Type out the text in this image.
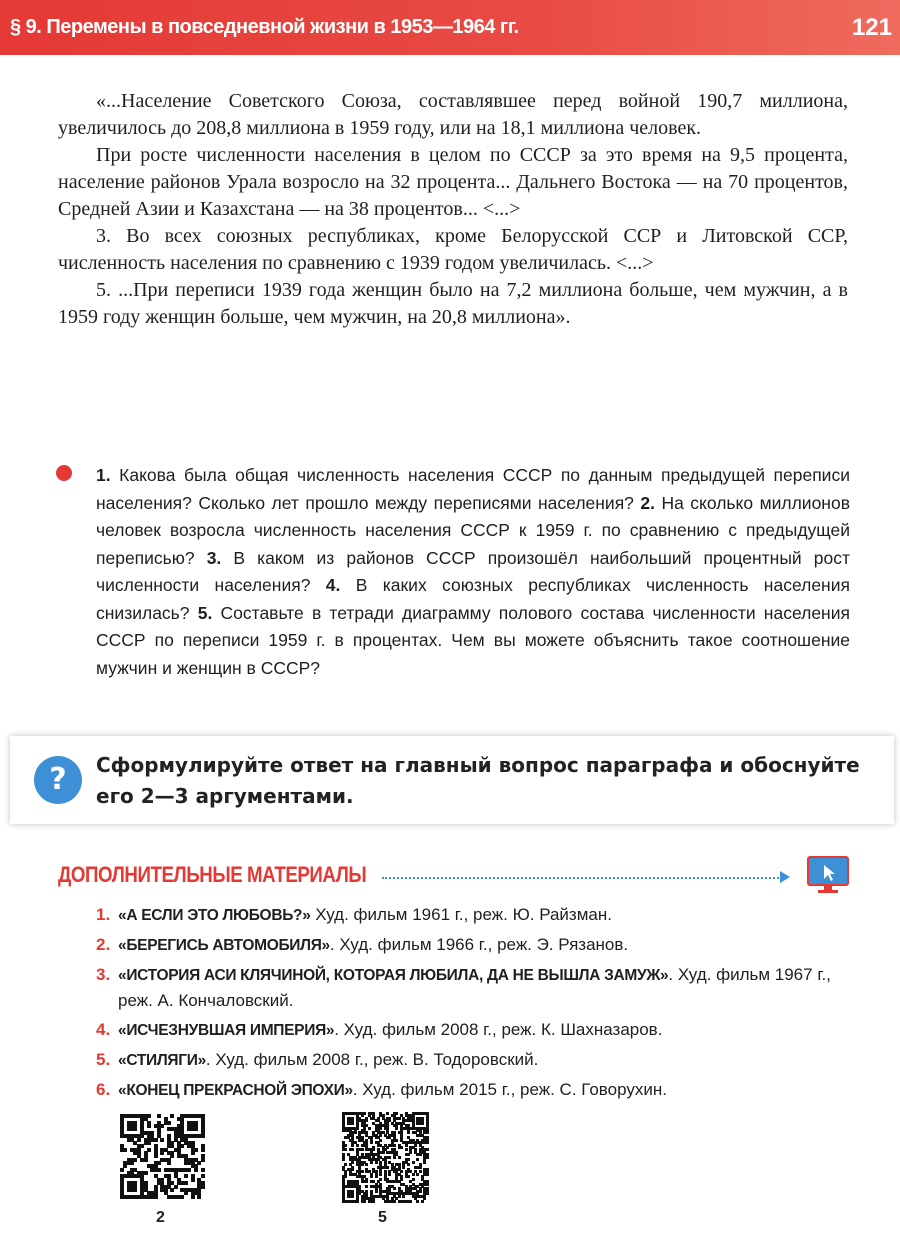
§ 9. Перемены в повседневной жизни в 1953—1964 гг.	121

«...Население Советского Союза, составлявшее перед войной 190,7 миллиона, увеличилось до 208,8 миллиона в 1959 году, или на 18,1 миллиона человек.

При росте численности населения в целом по СССР за это время на 9,5 процента, население районов Урала возросло на 32 процента... Дальнего Востока — на 70 процентов, Средней Азии и Казахстана — на 38 процентов... <...>

3. Во всех союзных республиках, кроме Белорусской ССР и Литовской ССР, численность населения по сравнению с 1939 годом увеличилась. <...>

5. ...При переписи 1939 года женщин было на 7,2 миллиона больше, чем мужчин, а в 1959 году женщин больше, чем мужчин, на 20,8 миллиона».

1. Какова была общая численность населения СССР по данным предыдущей переписи населения? Сколько лет прошло между переписями населения? 2. На сколько миллионов человек возросла численность населения СССР к 1959 г. по сравнению с предыдущей переписью? 3. В каком из районов СССР произошёл наибольший процентный рост численности населения? 4. В каких союзных республиках численность населения снизилась? 5. Составьте в тетради диаграмму полового состава численности населения СССР по переписи 1959 г. в процентах. Чем вы можете объяснить такое соотношение мужчин и женщин в СССР?
?	Сформулируйте ответ на главный вопрос параграфа и обоснуйте его 2—3 аргументами.
ДОПОЛНИТЕЛЬНЫЕ МАТЕРИАЛЫ
1. «А ЕСЛИ ЭТО ЛЮБОВЬ?» Худ. фильм 1961 г., реж. Ю. Райзман.
2. «БЕРЕГИСЬ АВТОМОБИЛЯ». Худ. фильм 1966 г., реж. Э. Рязанов.
3. «ИСТОРИЯ АСИ КЛЯЧИНОЙ, КОТОРАЯ ЛЮБИЛА, ДА НЕ ВЫШЛА ЗАМУЖ». Худ. фильм 1967 г., реж. А. Кончаловский.
4. «ИСЧЕЗНУВШАЯ ИМПЕРИЯ». Худ. фильм 2008 г., реж. К. Шахназаров.
5. «СТИЛЯГИ». Худ. фильм 2008 г., реж. В. Тодоровский.
6. «КОНЕЦ ПРЕКРАСНОЙ ЭПОХИ». Худ. фильм 2015 г., реж. С. Говорухин.
2	5
